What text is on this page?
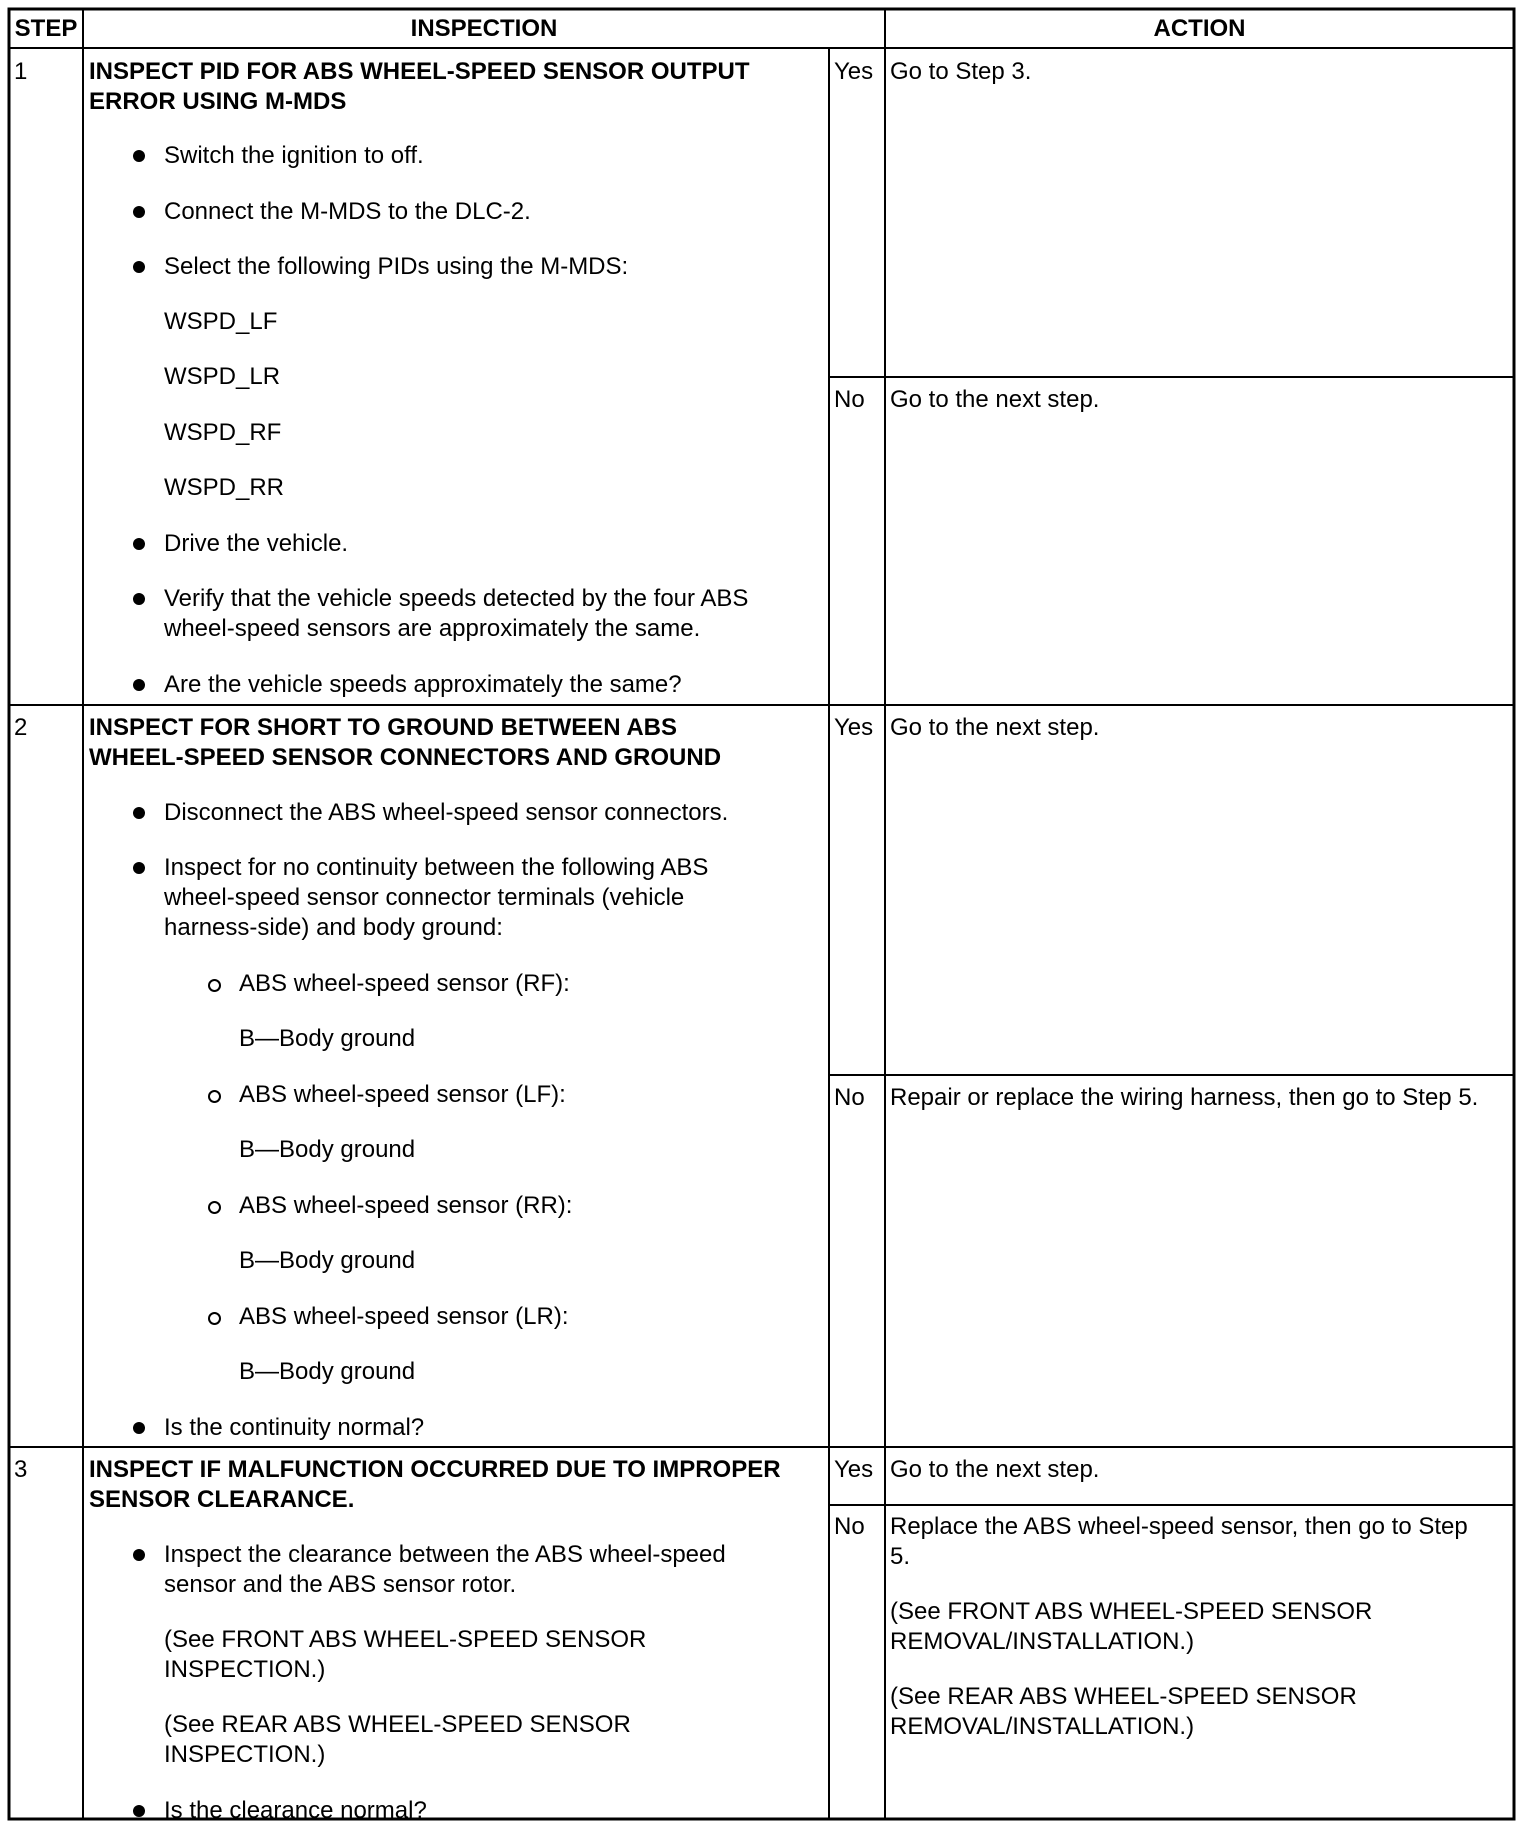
STEP	INSPECTION	ACTION
1	INSPECT PID FOR ABS WHEEL-SPEED SENSOR OUTPUT
ERROR USING M-MDS
Switch the ignition to off.
Connect the M-MDS to the DLC-2.
Select the following PIDs using the M-MDS:
WSPD_LF
WSPD_LR
WSPD_RF
WSPD_RR
Drive the vehicle.
Verify that the vehicle speeds detected by the four ABS
wheel-speed sensors are approximately the same.
Are the vehicle speeds approximately the same?
Yes Go to Step 3.
No Go to the next step.
2	INSPECT FOR SHORT TO GROUND BETWEEN ABS
WHEEL-SPEED SENSOR CONNECTORS AND GROUND
Disconnect the ABS wheel-speed sensor connectors.
Inspect for no continuity between the following ABS
wheel-speed sensor connector terminals (vehicle
harness-side) and body ground:
ABS wheel-speed sensor (RF):
B—Body ground
ABS wheel-speed sensor (LF):
B—Body ground
ABS wheel-speed sensor (RR):
B—Body ground
ABS wheel-speed sensor (LR):
B—Body ground
Is the continuity normal?
Yes Go to the next step.
No Repair or replace the wiring harness, then go to Step 5.
3	INSPECT IF MALFUNCTION OCCURRED DUE TO IMPROPER
SENSOR CLEARANCE.
Inspect the clearance between the ABS wheel-speed
sensor and the ABS sensor rotor.
(See FRONT ABS WHEEL-SPEED SENSOR
INSPECTION.)
(See REAR ABS WHEEL-SPEED SENSOR
INSPECTION.)
Is the clearance normal?
Yes Go to the next step.
No Replace the ABS wheel-speed sensor, then go to Step
5.
(See FRONT ABS WHEEL-SPEED SENSOR
REMOVAL/INSTALLATION.)
(See REAR ABS WHEEL-SPEED SENSOR
REMOVAL/INSTALLATION.)
